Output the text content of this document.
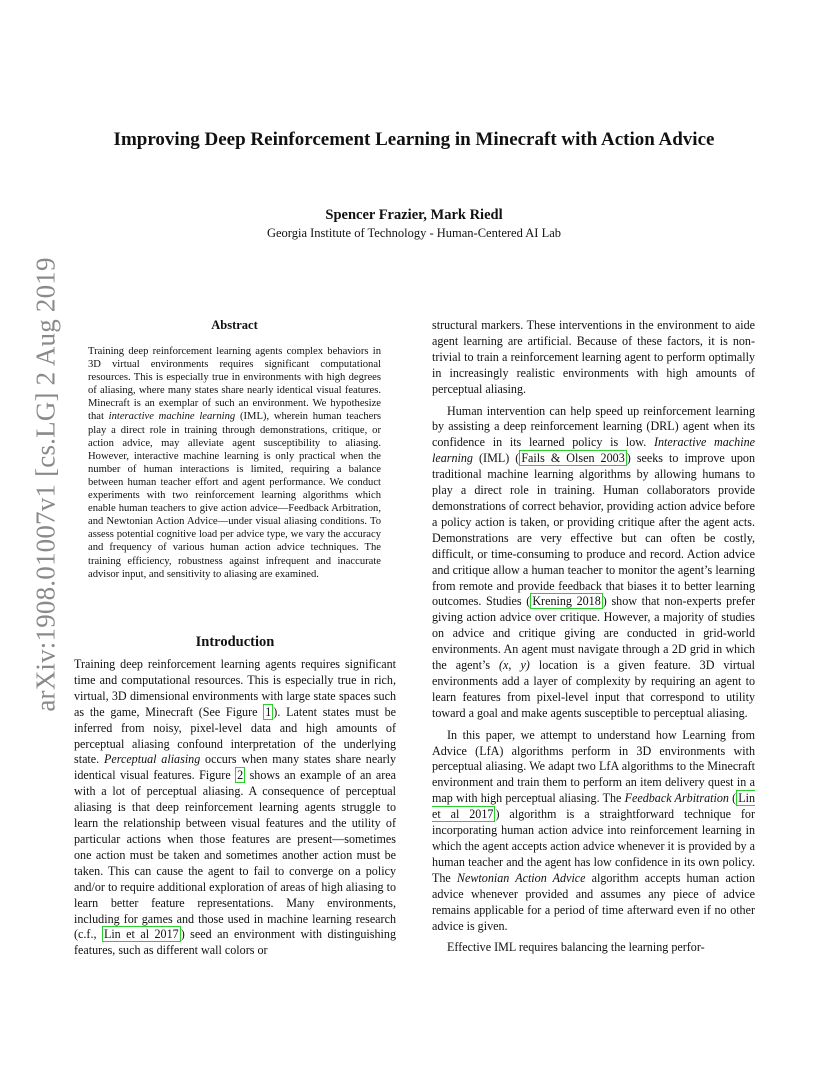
arXiv:1908.01007v1 [cs.LG] 2 Aug 2019
Improving Deep Reinforcement Learning in Minecraft with Action Advice
Spencer Frazier, Mark Riedl
Georgia Institute of Technology - Human-Centered AI Lab
Abstract

Training deep reinforcement learning agents complex behaviors in 3D virtual environments requires significant computational resources. This is especially true in environments with high degrees of aliasing, where many states share nearly identical visual features. Minecraft is an exemplar of such an environment. We hypothesize that interactive machine learning (IML), wherein human teachers play a direct role in training through demonstrations, critique, or action advice, may alleviate agent susceptibility to aliasing. However, interactive machine learning is only practical when the number of human interactions is limited, requiring a balance between human teacher effort and agent performance. We conduct experiments with two reinforcement learning algorithms which enable human teachers to give action advice—Feedback Arbitration, and Newtonian Action Advice—under visual aliasing conditions. To assess potential cognitive load per advice type, we vary the accuracy and frequency of various human action advice techniques. The training efficiency, robustness against infrequent and inaccurate advisor input, and sensitivity to aliasing are examined.

Introduction

Training deep reinforcement learning agents requires significant time and computational resources. This is especially true in rich, virtual, 3D dimensional environments with large state spaces such as the game, Minecraft (See Figure 1 ). Latent states must be inferred from noisy, pixel-level data and high amounts of perceptual aliasing confound interpretation of the underlying state. Perceptual aliasing occurs when many states share nearly identical visual features. Figure 2 shows an example of an area with a lot of perceptual aliasing. A consequence of perceptual aliasing is that deep reinforcement learning agents struggle to learn the relationship between visual features and the utility of particular actions when those features are present—sometimes one action must be taken and sometimes another action must be taken. This can cause the agent to fail to converge on a policy and/or to require additional exploration of areas of high aliasing to learn better feature representations. Many environments, including for games and those used in machine learning research (c.f., Lin et al 2017 ) seed an environment with distinguishing features, such as different wall colors or

structural markers. These interventions in the environment to aide agent learning are artificial. Because of these factors, it is non-trivial to train a reinforcement learning agent to perform optimally in increasingly realistic environments with high amounts of perceptual aliasing.

Human intervention can help speed up reinforcement learning by assisting a deep reinforcement learning (DRL) agent when its confidence in its learned policy is low. Interactive machine learning (IML) ( Fails & Olsen 2003 ) seeks to improve upon traditional machine learning algorithms by allowing humans to play a direct role in training. Human collaborators provide demonstrations of correct behavior, providing action advice before a policy action is taken, or providing critique after the agent acts. Demonstrations are very effective but can often be costly, difficult, or time-consuming to produce and record. Action advice and critique allow a human teacher to monitor the agent’s learning from remote and provide feedback that biases it to better learning outcomes. Studies ( Krening 2018 ) show that non-experts prefer giving action advice over critique. However, a majority of studies on advice and critique giving are conducted in grid-world environments. An agent must navigate through a 2D grid in which the agent’s (x, y) location is a given feature. 3D virtual environments add a layer of complexity by requiring an agent to learn features from pixel-level input that correspond to utility toward a goal and make agents susceptible to perceptual aliasing.

In this paper, we attempt to understand how Learning from Advice (LfA) algorithms perform in 3D environments with perceptual aliasing. We adapt two LfA algorithms to the Minecraft environment and train them to perform an item delivery quest in a map with high perceptual aliasing. The Feedback Arbitration ( Lin et al 2017 ) algorithm is a straightforward technique for incorporating human action advice into reinforcement learning in which the agent accepts action advice whenever it is provided by a human teacher and the agent has low confidence in its own policy. The Newtonian Action Advice algorithm accepts human action advice whenever provided and assumes any piece of advice remains applicable for a period of time afterward even if no other advice is given.

Effective IML requires balancing the learning perfor-
